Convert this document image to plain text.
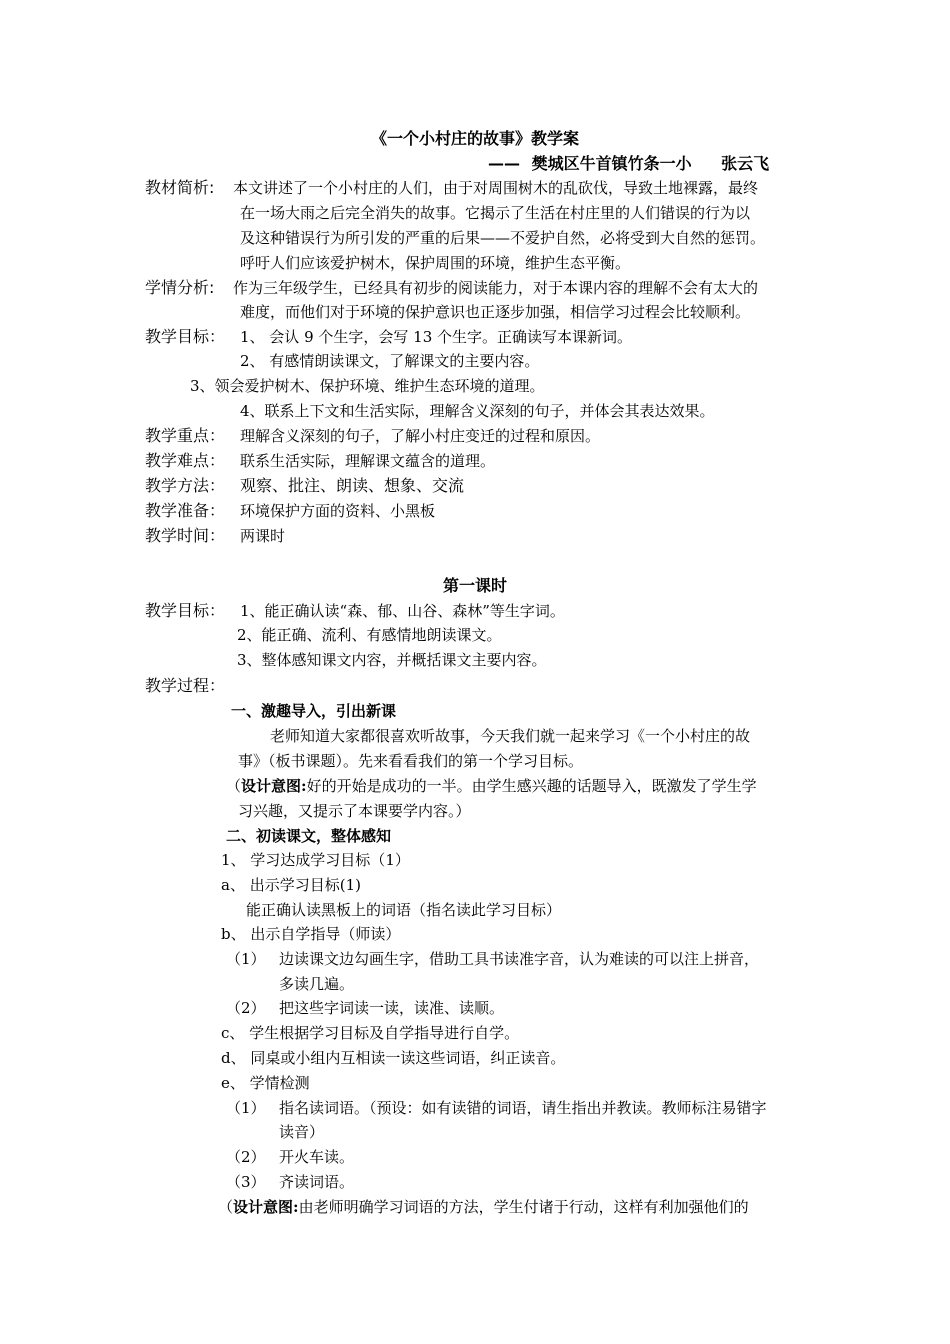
《一个小村庄的故事》教学案
—— 樊城区牛首镇竹条一小 张云飞
教材简析: 本文讲述了一个小村庄的人们，由于对周围树木的乱砍伐，导致土地裸露，最终
在一场大雨之后完全消失的故事。它揭示了生活在村庄里的人们错误的行为以
及这种错误行为所引发的严重的后果——不爱护自然，必将受到大自然的惩罚。
呼吁人们应该爱护树木，保护周围的环境，维护生态平衡。
学情分析: 作为三年级学生，已经具有初步的阅读能力，对于本课内容的理解不会有太大的
难度，而他们对于环境的保护意识也正逐步加强，相信学习过程会比较顺利。
教学目标： 1、 会认 9 个生字，会写 13 个生字。正确读写本课新词。
2、 有感情朗读课文，了解课文的主要内容。
3、领会爱护树木、保护环境、维护生态环境的道理。
4、联系上下文和生活实际，理解含义深刻的句子，并体会其表达效果。
教学重点： 理解含义深刻的句子，了解小村庄变迁的过程和原因。
教学难点： 联系生活实际，理解课文蕴含的道理。
教学方法： 观察、批注、朗读、想象、交流
教学准备： 环境保护方面的资料、小黑板
教学时间： 两课时
第一课时
教学目标： 1、能正确认读“森、郁、山谷、森林”等生字词。
2、能正确、流利、有感情地朗读课文。
3、整体感知课文内容，并概括课文主要内容。
教学过程：
一、激趣导入，引出新课
老师知道大家都很喜欢听故事，今天我们就一起来学习《一个小村庄的故
事》（板书课题）。先来看看我们的第一个学习目标。
（设计意图:好的开始是成功的一半。由学生感兴趣的话题导入，既激发了学生学
习兴趣，又提示了本课要学内容。）
二、初读课文，整体感知
1、 学习达成学习目标（1）
a、 出示学习目标(1)
能正确认读黑板上的词语（指名读此学习目标）
b、 出示自学指导（师读）
（1） 边读课文边勾画生字，借助工具书读准字音，认为难读的可以注上拼音，
多读几遍。
（2） 把这些字词读一读，读准、读顺。
c、 学生根据学习目标及自学指导进行自学。
d、 同桌或小组内互相读一读这些词语，纠正读音。
e、 学情检测
（1） 指名读词语。（预设：如有读错的词语，请生指出并教读。教师标注易错字
读音）
（2） 开火车读。
（3） 齐读词语。
（设计意图:由老师明确学习词语的方法，学生付诸于行动，这样有利加强他们的
